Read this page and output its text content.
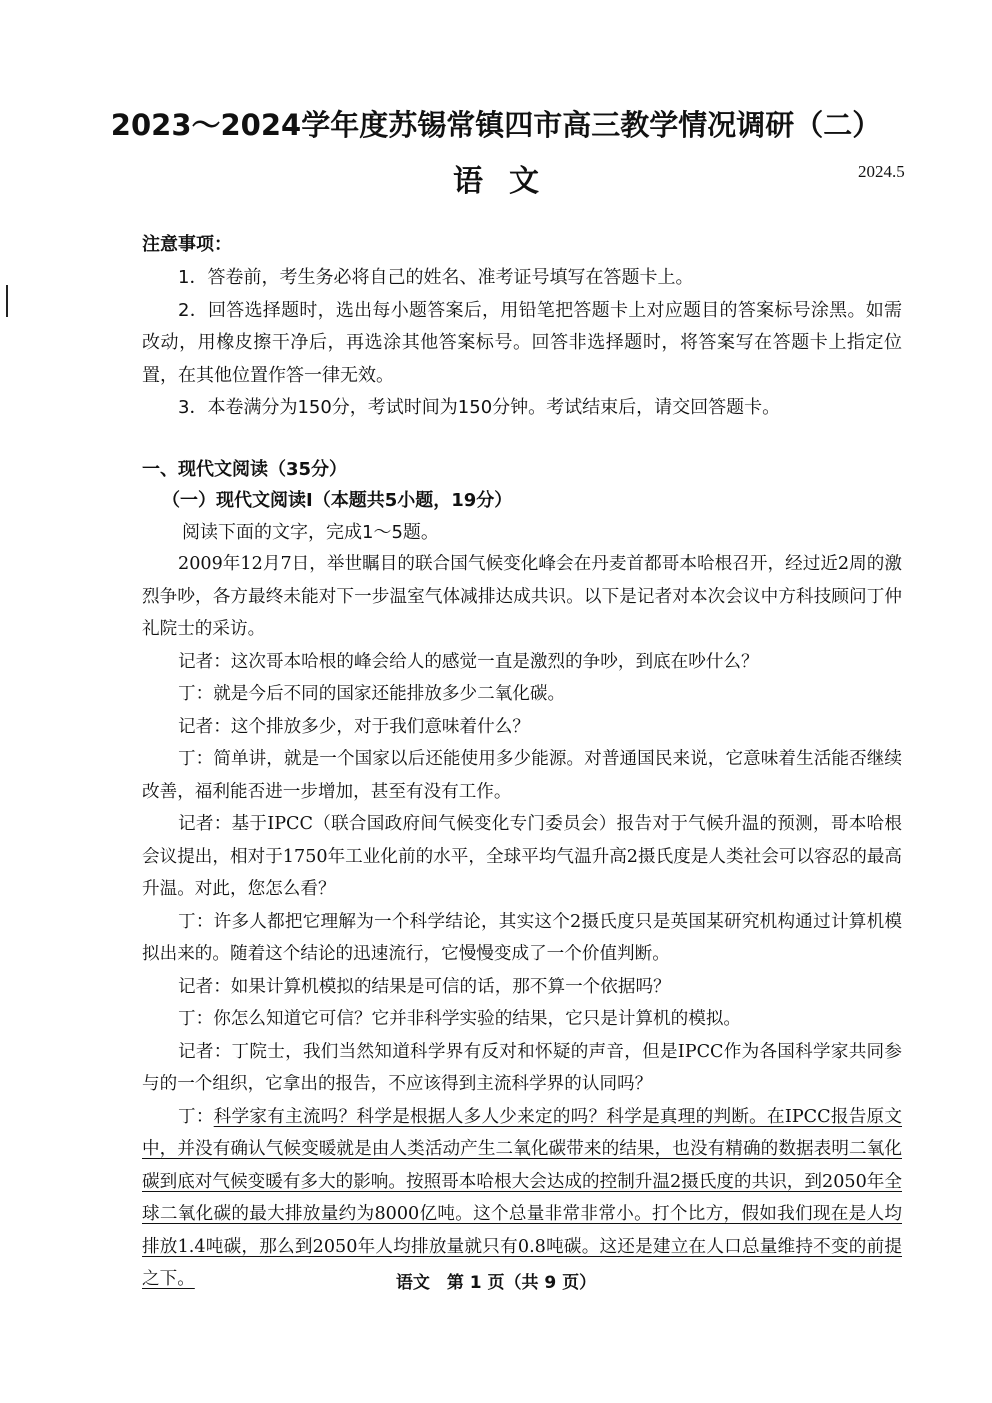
2023～2024学年度苏锡常镇四市高三教学情况调研（二）
语文	2024.5
注意事项：

1．答卷前，考生务必将自己的姓名、准考证号填写在答题卡上。

2．回答选择题时，选出每小题答案后，用铅笔把答题卡上对应题目的答案标号涂黑。如需改动，用橡皮擦干净后，再选涂其他答案标号。回答非选择题时，将答案写在答题卡上指定位置，在其他位置作答一律无效。

3．本卷满分为150分，考试时间为150分钟。考试结束后，请交回答题卡。

一、现代文阅读（35分）
（一）现代文阅读Ⅰ（本题共5小题，19分）
阅读下面的文字，完成1～5题。

2009年12月7日，举世瞩目的联合国气候变化峰会在丹麦首都哥本哈根召开，经过近2周的激烈争吵，各方最终未能对下一步温室气体减排达成共识。以下是记者对本次会议中方科技顾问丁仲礼院士的采访。

记者：这次哥本哈根的峰会给人的感觉一直是激烈的争吵，到底在吵什么？

丁：就是今后不同的国家还能排放多少二氧化碳。

记者：这个排放多少，对于我们意味着什么？

丁：简单讲，就是一个国家以后还能使用多少能源。对普通国民来说，它意味着生活能否继续改善，福利能否进一步增加，甚至有没有工作。

记者：基于IPCC（联合国政府间气候变化专门委员会）报告对于气候升温的预测，哥本哈根会议提出，相对于1750年工业化前的水平，全球平均气温升高2摄氏度是人类社会可以容忍的最高升温。对此，您怎么看？

丁：许多人都把它理解为一个科学结论，其实这个2摄氏度只是英国某研究机构通过计算机模拟出来的。随着这个结论的迅速流行，它慢慢变成了一个价值判断。

记者：如果计算机模拟的结果是可信的话，那不算一个依据吗？

丁：你怎么知道它可信？它并非科学实验的结果，它只是计算机的模拟。

记者：丁院士，我们当然知道科学界有反对和怀疑的声音，但是IPCC作为各国科学家共同参与的一个组织，它拿出的报告，不应该得到主流科学界的认同吗？

丁：科学家有主流吗？科学是根据人多人少来定的吗？科学是真理的判断。在IPCC报告原文中，并没有确认气候变暖就是由人类活动产生二氧化碳带来的结果，也没有精确的数据表明二氧化碳到底对气候变暖有多大的影响。按照哥本哈根大会达成的控制升温2摄氏度的共识，到2050年全球二氧化碳的最大排放量约为8000亿吨。这个总量非常非常小。打个比方，假如我们现在是人均排放1.4吨碳，那么到2050年人均排放量就只有0.8吨碳。这还是建立在人口总量维持不变的前提之下。	语文　第 1 页（共 9 页）
